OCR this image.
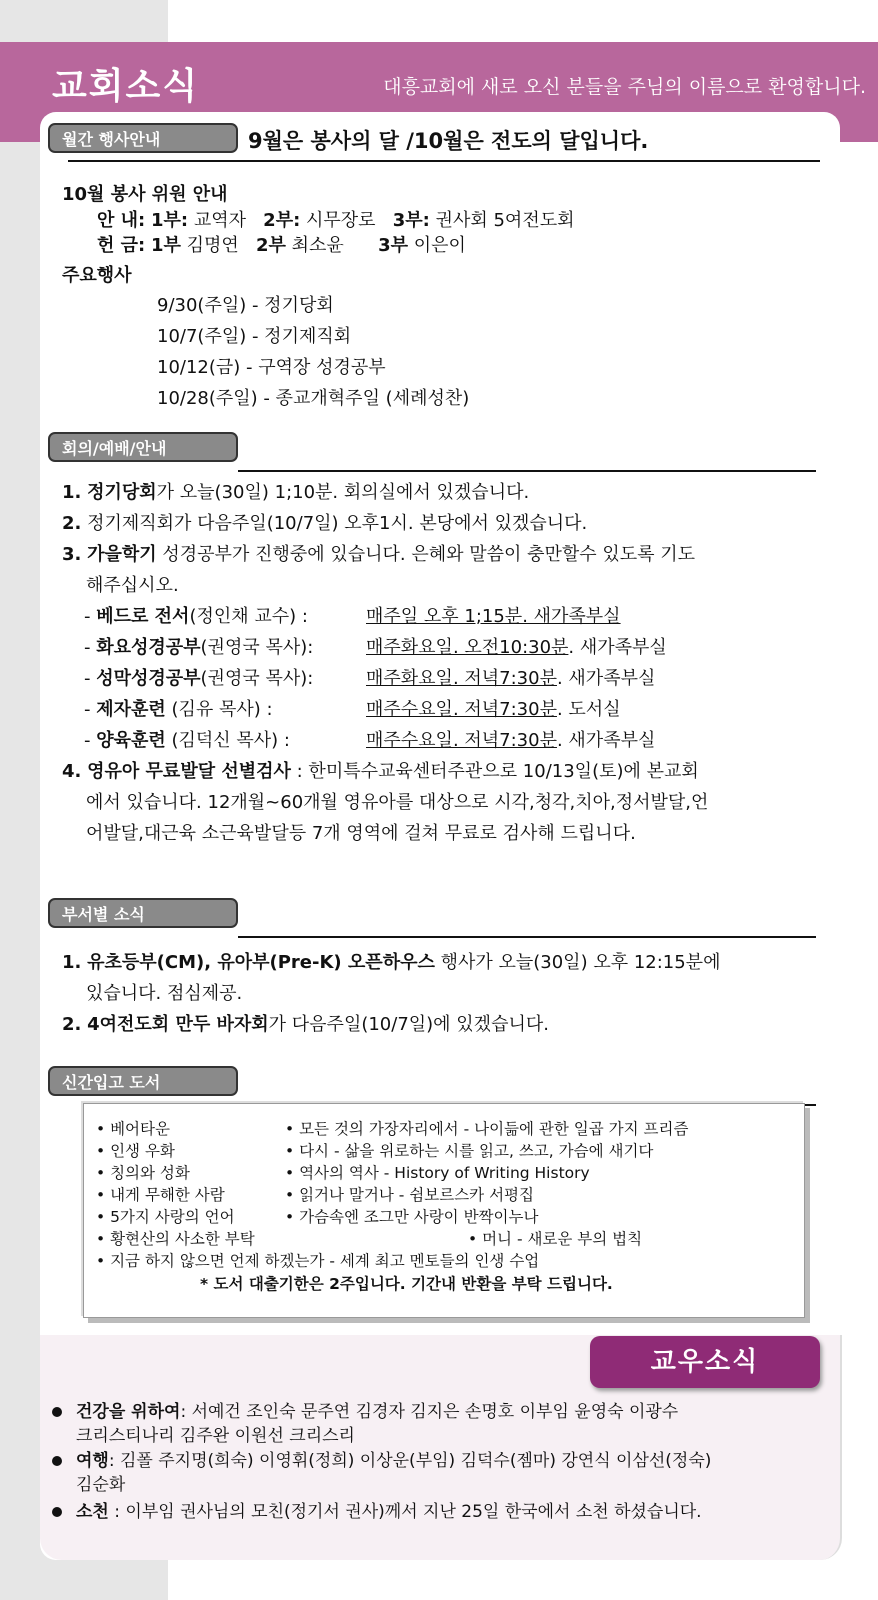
교회소식	대흥교회에 새로 오신 분들을 주님의 이름으로 환영합니다.
월간 행사안내	9월은 봉사의 달 /10월은 전도의 달입니다.
10월 봉사 위원 안내
안 내: 1부: 교역자 2부: 시무장로 3부: 권사회 5여전도회
헌 금: 1부 김명연 2부 최소윤 3부 이은이
주요행사
9/30(주일) - 정기당회
10/7(주일) - 정기제직회
10/12(금) - 구역장 성경공부
10/28(주일) - 종교개혁주일 (세례성찬)
회의/예배/안내
1. 정기당회가 오늘(30일) 1;10분. 회의실에서 있겠습니다.
2. 정기제직회가 다음주일(10/7일) 오후1시. 본당에서 있겠습니다.
3. 가을학기 성경공부가 진행중에 있습니다. 은혜와 말씀이 충만할수 있도록 기도
해주십시오.
- 베드로 전서(정인채 교수) :	매주일 오후 1;15분. 새가족부실
- 화요성경공부(권영국 목사):	매주화요일. 오전10:30분. 새가족부실
- 성막성경공부(권영국 목사):	매주화요일. 저녁7:30분. 새가족부실
- 제자훈련 (김유 목사) :	매주수요일. 저녁7:30분. 도서실
- 양육훈련 (김덕신 목사) :	매주수요일. 저녁7:30분. 새가족부실
4. 영유아 무료발달 선별검사 : 한미특수교육센터주관으로 10/13일(토)에 본교회
에서 있습니다. 12개월~60개월 영유아를 대상으로 시각,청각,치아,정서발달,언
어발달,대근육 소근육발달등 7개 영역에 걸쳐 무료로 검사해 드립니다.
부서별 소식
1. 유초등부(CM), 유아부(Pre-K) 오픈하우스 행사가 오늘(30일) 오후 12:15분에
있습니다. 점심제공.
2. 4여전도회 만두 바자회가 다음주일(10/7일)에 있겠습니다.
신간입고 도서
• 베어타운
• 인생 우화
• 칭의와 성화
• 내게 무해한 사람
• 5가지 사랑의 언어
• 황현산의 사소한 부탁
• 모든 것의 가장자리에서 - 나이듦에 관한 일곱 가지 프리즘
• 다시 - 삶을 위로하는 시를 읽고, 쓰고, 가슴에 새기다
• 역사의 역사 - History of Writing History
• 읽거나 말거나 - 쉼보르스카 서평집
• 가슴속엔 조그만 사랑이 반짝이누나
• 머니 - 새로운 부의 법칙
• 지금 하지 않으면 언제 하겠는가 - 세계 최고 멘토들의 인생 수업
* 도서 대출기한은 2주입니다. 기간내 반환을 부탁 드립니다.
교우소식
건강을 위하여: 서예건 조인숙 문주연 김경자 김지은 손명호 이부임 윤영숙 이광수
크리스티나리 김주완 이원선 크리스리
여행: 김폴 주지명(희숙) 이영휘(정희) 이상운(부임) 김덕수(젬마) 강연식 이삼선(정숙)
김순화
소천 : 이부임 권사님의 모친(정기서 권사)께서 지난 25일 한국에서 소천 하셨습니다.
